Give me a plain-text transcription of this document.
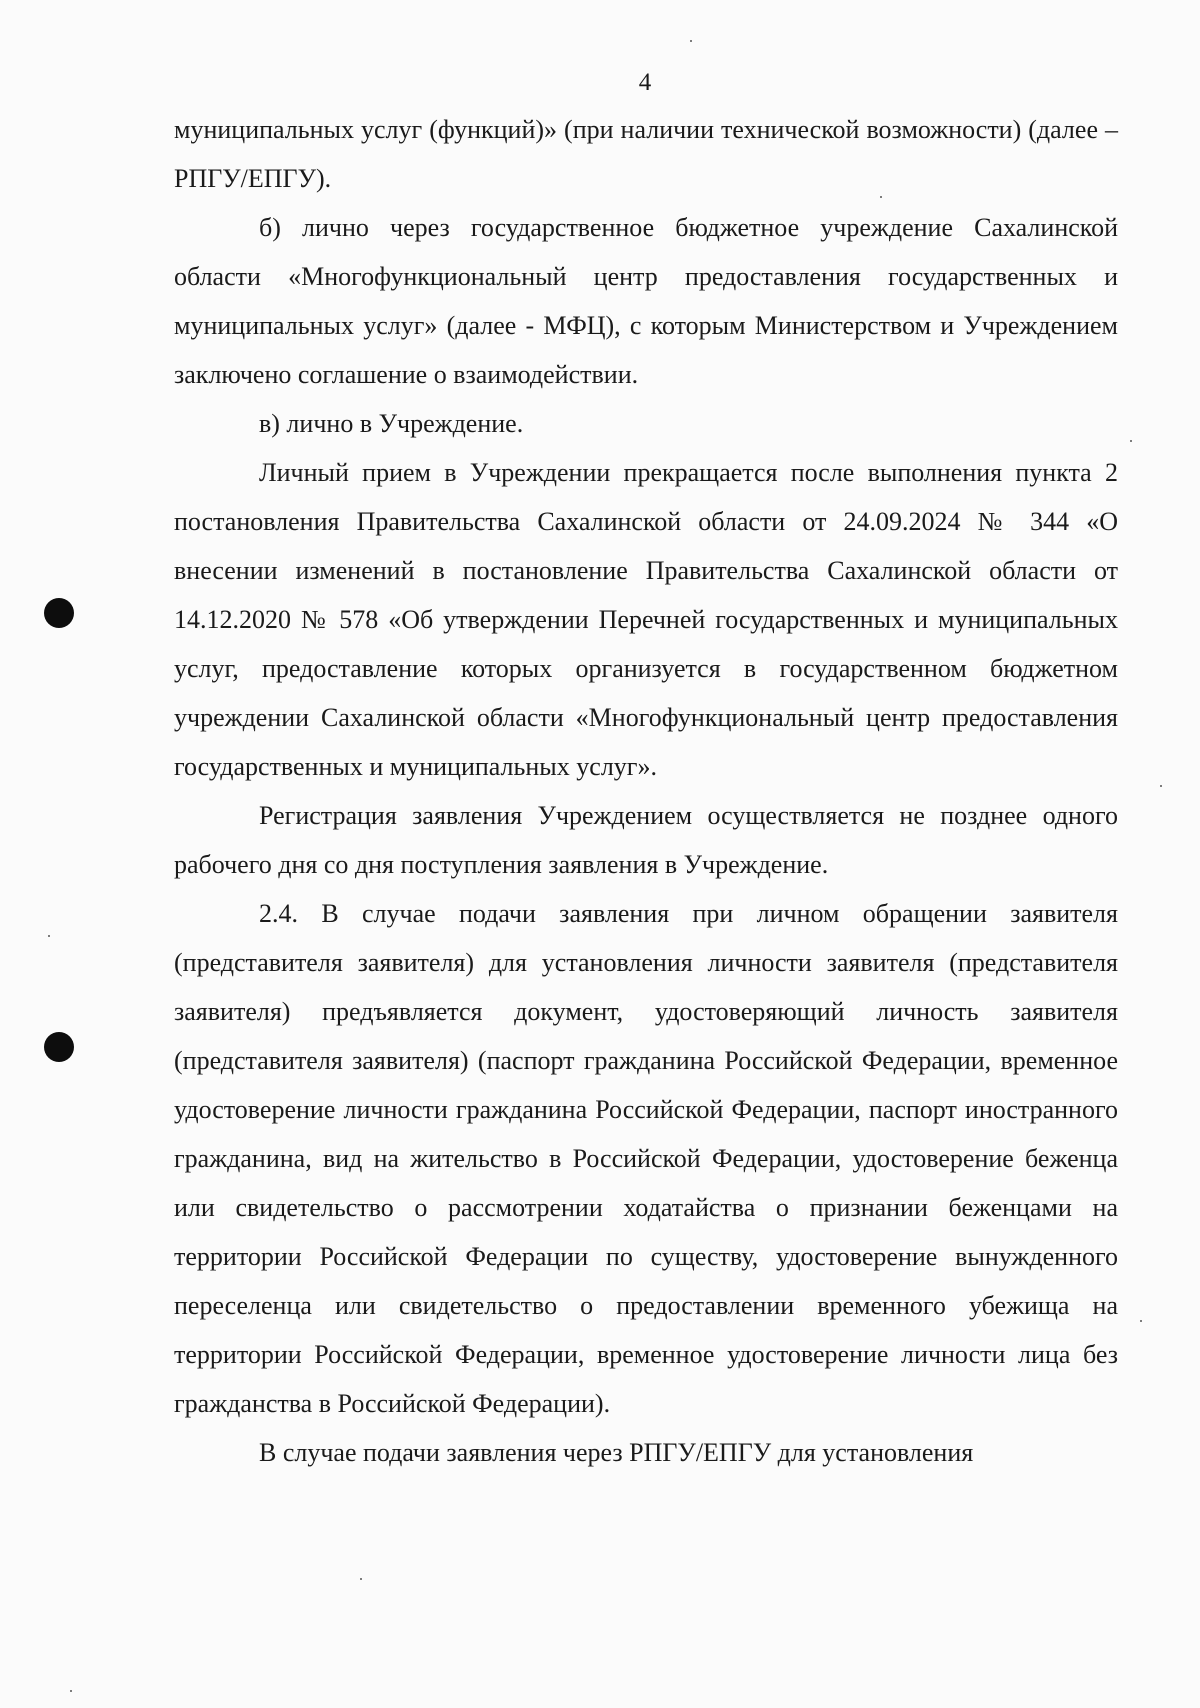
4

муниципальных услуг (функций)» (при наличии технической возможности) (далее – РПГУ/ЕПГУ).

б) лично через государственное бюджетное учреждение Сахалинской области «Многофункциональный центр предоставления государственных и муниципальных услуг» (далее - МФЦ), с которым Министерством и Учреждением заключено соглашение о взаимодействии.

в) лично в Учреждение.

Личный прием в Учреждении прекращается после выполнения пункта 2 постановления Правительства Сахалинской области от 24.09.2024 № 344 «О внесении изменений в постановление Правительства Сахалинской области от 14.12.2020 № 578 «Об утверждении Перечней государственных и муниципальных услуг, предоставление которых организуется в государственном бюджетном учреждении Сахалинской области «Многофункциональный центр предоставления государственных и муниципальных услуг».

Регистрация заявления Учреждением осуществляется не позднее одного рабочего дня со дня поступления заявления в Учреждение.

2.4. В случае подачи заявления при личном обращении заявителя (представителя заявителя) для установления личности заявителя (представителя заявителя) предъявляется документ, удостоверяющий личность заявителя (представителя заявителя) (паспорт гражданина Российской Федерации, временное удостоверение личности гражданина Российской Федерации, паспорт иностранного гражданина, вид на жительство в Российской Федерации, удостоверение беженца или свидетельство о рассмотрении ходатайства о признании беженцами на территории Российской Федерации по существу, удостоверение вынужденного переселенца или свидетельство о предоставлении временного убежища на территории Российской Федерации, временное удостоверение личности лица без гражданства в Российской Федерации).

В случае подачи заявления через РПГУ/ЕПГУ для установления
